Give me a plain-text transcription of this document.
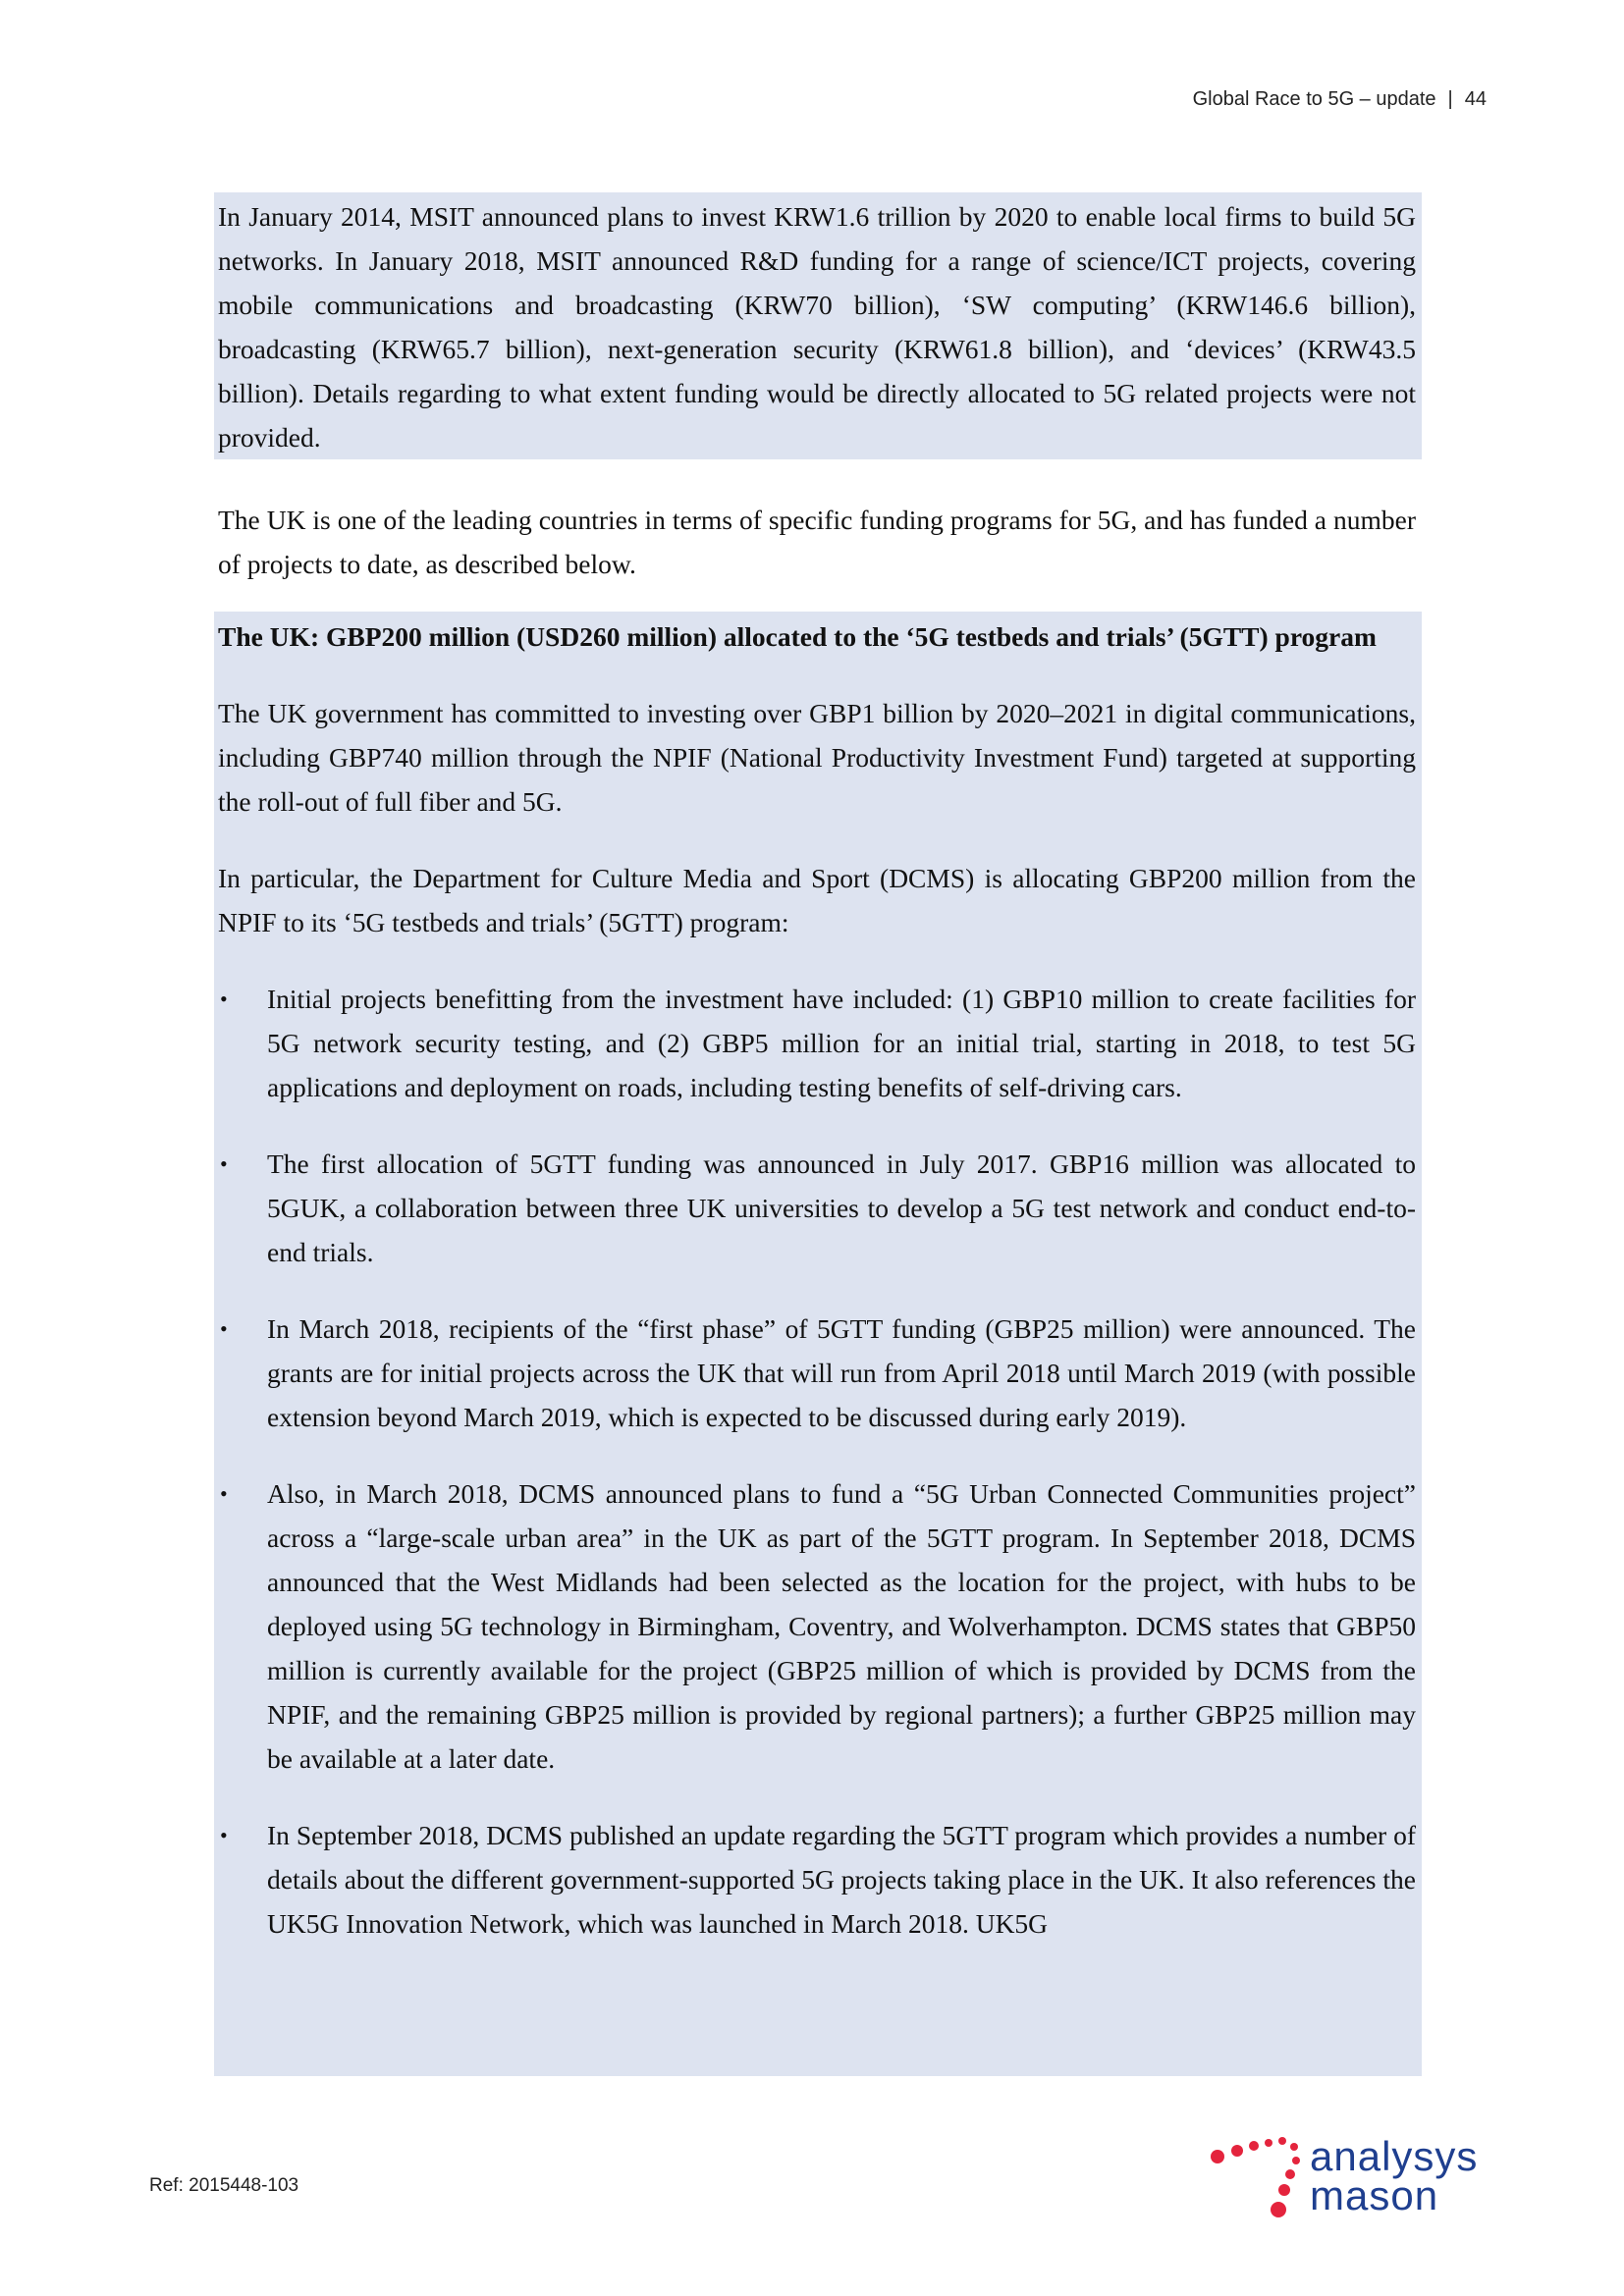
Global Race to 5G – update | 44

In January 2014, MSIT announced plans to invest KRW1.6 trillion by 2020 to enable local firms to build 5G networks. In January 2018, MSIT announced R&D funding for a range of science/ICT projects, covering mobile communications and broadcasting (KRW70 billion), ‘SW computing’ (KRW146.6 billion), broadcasting (KRW65.7 billion), next-generation security (KRW61.8 billion), and ‘devices’ (KRW43.5 billion). Details regarding to what extent funding would be directly allocated to 5G related projects were not provided.

The UK is one of the leading countries in terms of specific funding programs for 5G, and has funded a number of projects to date, as described below.

The UK: GBP200 million (USD260 million) allocated to the ‘5G testbeds and trials’ (5GTT) program

The UK government has committed to investing over GBP1 billion by 2020–2021 in digital communications, including GBP740 million through the NPIF (National Productivity Investment Fund) targeted at supporting the roll-out of full fiber and 5G.

In particular, the Department for Culture Media and Sport (DCMS) is allocating GBP200 million from the NPIF to its ‘5G testbeds and trials’ (5GTT) program:

• Initial projects benefitting from the investment have included: (1) GBP10 million to create facilities for 5G network security testing, and (2) GBP5 million for an initial trial, starting in 2018, to test 5G applications and deployment on roads, including testing benefits of self-driving cars.

• The first allocation of 5GTT funding was announced in July 2017. GBP16 million was allocated to 5GUK, a collaboration between three UK universities to develop a 5G test network and conduct end-to-end trials.

• In March 2018, recipients of the “first phase” of 5GTT funding (GBP25 million) were announced. The grants are for initial projects across the UK that will run from April 2018 until March 2019 (with possible extension beyond March 2019, which is expected to be discussed during early 2019).

• Also, in March 2018, DCMS announced plans to fund a “5G Urban Connected Communities project” across a “large-scale urban area” in the UK as part of the 5GTT program. In September 2018, DCMS announced that the West Midlands had been selected as the location for the project, with hubs to be deployed using 5G technology in Birmingham, Coventry, and Wolverhampton. DCMS states that GBP50 million is currently available for the project (GBP25 million of which is provided by DCMS from the NPIF, and the remaining GBP25 million is provided by regional partners); a further GBP25 million may be available at a later date.

• In September 2018, DCMS published an update regarding the 5GTT program which provides a number of details about the different government-supported 5G projects taking place in the UK. It also references the UK5G Innovation Network, which was launched in March 2018. UK5G

Ref: 2015448-103
analysys
mason
